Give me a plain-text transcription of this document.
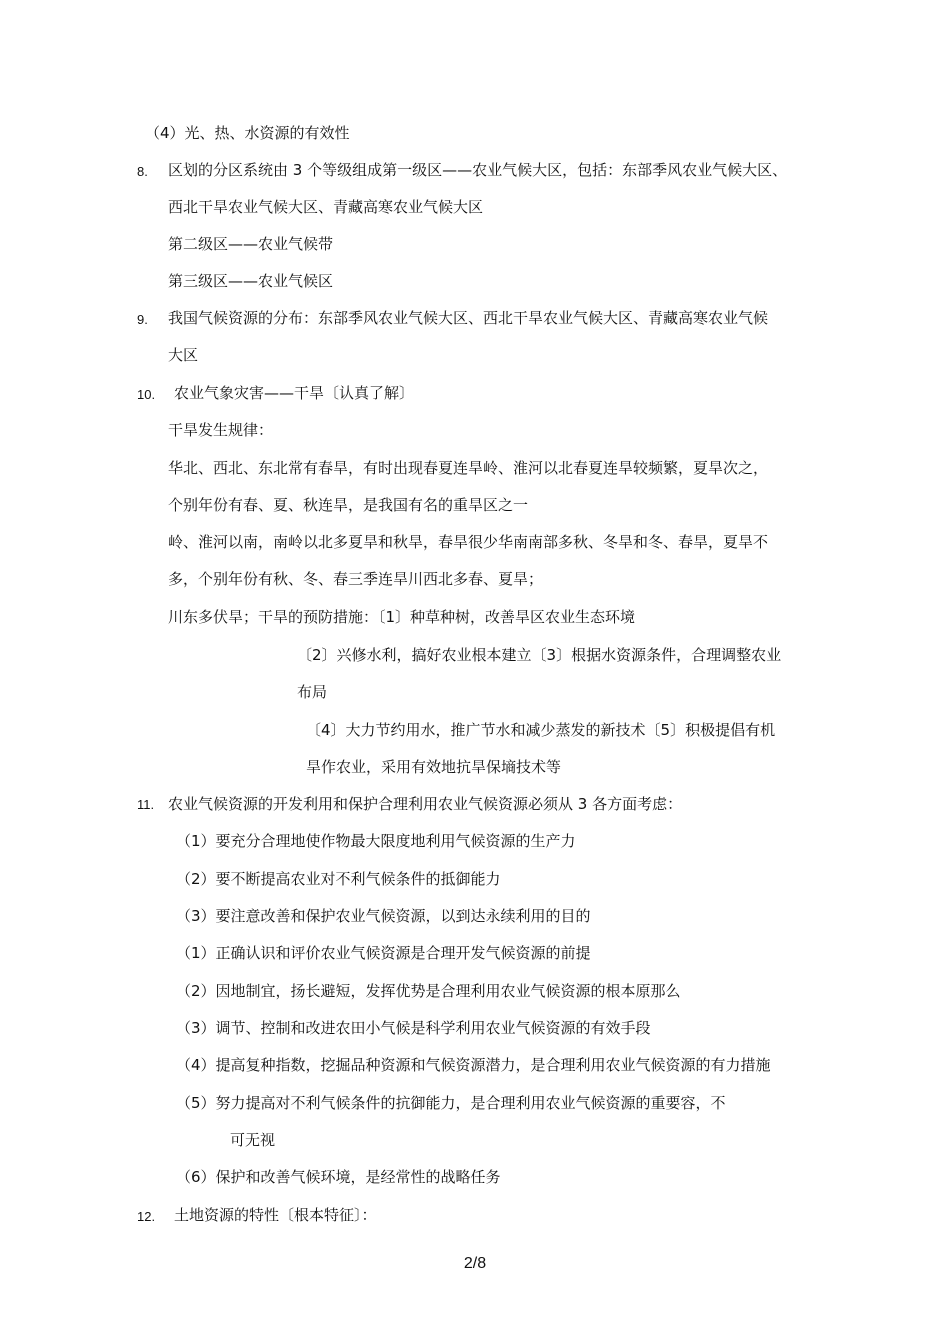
8.
9.
10.
11.
12.
（4）光、热、水资源的有效性
区划的分区系统由 3 个等级组成第一级区——农业气候大区，包括：东部季风农业气候大区、
西北干旱农业气候大区、青藏高寒农业气候大区
第二级区——农业气候带
第三级区——农业气候区
我国气候资源的分布：东部季风农业气候大区、西北干旱农业气候大区、青藏高寒农业气候
大区
农业气象灾害——干旱〔认真了解〕
干旱发生规律：
华北、西北、东北常有春旱，有时出现春夏连旱岭、淮河以北春夏连旱较频繁，夏旱次之，
个别年份有春、夏、秋连旱，是我国有名的重旱区之一
岭、淮河以南，南岭以北多夏旱和秋旱，春旱很少华南南部多秋、冬旱和冬、春旱，夏旱不
多，个别年份有秋、冬、春三季连旱川西北多春、夏旱；
川东多伏旱；干旱的预防措施：〔1〕种草种树，改善旱区农业生态环境
〔2〕兴修水利，搞好农业根本建立〔3〕根据水资源条件，合理调整农业
布局
〔4〕大力节约用水，推广节水和减少蒸发的新技术〔5〕积极提倡有机
旱作农业，采用有效地抗旱保墒技术等
农业气候资源的开发利用和保护合理利用农业气候资源必须从 3 各方面考虑：
（1）要充分合理地使作物最大限度地利用气候资源的生产力
（2）要不断提高农业对不利气候条件的抵御能力
（3）要注意改善和保护农业气候资源，以到达永续利用的目的
（1）正确认识和评价农业气候资源是合理开发气候资源的前提
（2）因地制宜，扬长避短，发挥优势是合理利用农业气候资源的根本原那么
（3）调节、控制和改进农田小气候是科学利用农业气候资源的有效手段
（4）提高复种指数，挖掘品种资源和气候资源潜力，是合理利用农业气候资源的有力措施
（5）努力提高对不利气候条件的抗御能力，是合理利用农业气候资源的重要容，不
可无视
（6）保护和改善气候环境，是经常性的战略任务
土地资源的特性〔根本特征〕：
2/8
